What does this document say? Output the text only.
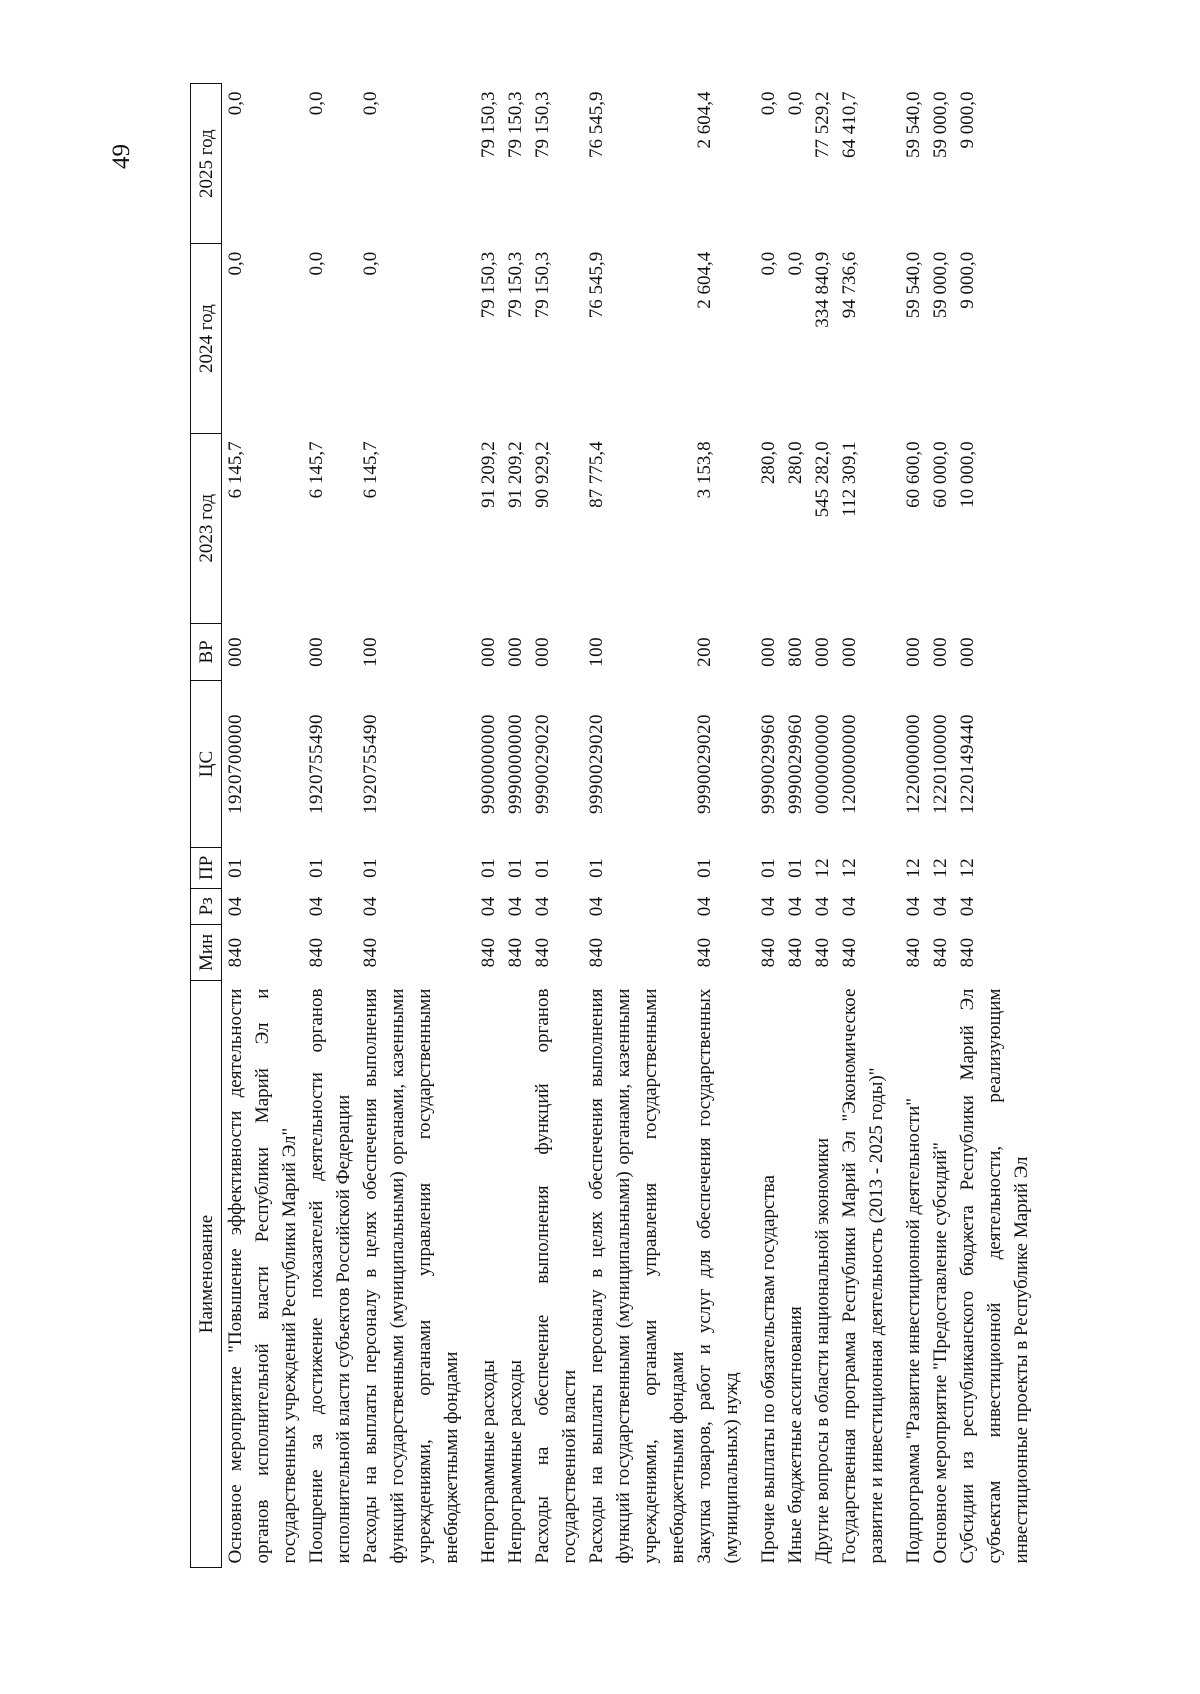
49
Наименование	Мин	Рз	ПР	ЦС	ВР	2023 год	2024 год	2025 год
Основное мероприятие "Повышение эффективности деятельности органов исполнительной власти Республики Марий Эл и государственных учреждений Республики Марий Эл"	840	04	01	1920700000	000	6 145,7	0,0	0,0
Поощрение за достижение показателей деятельности органов исполнительной власти субъектов Российской Федерации	840	04	01	1920755490	000	6 145,7	0,0	0,0
Расходы на выплаты персоналу в целях обеспечения выполнения функций государственными (муниципальными) органами, казенными учреждениями, органами управления государственными внебюджетными фондами	840	04	01	1920755490	100	6 145,7	0,0	0,0

Непрограммные расходы	840	04	01	9900000000	000	91 209,2	79 150,3	79 150,3
Непрограммные расходы	840	04	01	9990000000	000	91 209,2	79 150,3	79 150,3
Расходы на обеспечение выполнения функций органов государственной власти	840	04	01	9990029020	000	90 929,2	79 150,3	79 150,3
Расходы на выплаты персоналу в целях обеспечения выполнения функций государственными (муниципальными) органами, казенными учреждениями, органами управления государственными внебюджетными фондами	840	04	01	9990029020	100	87 775,4	76 545,9	76 545,9
Закупка товаров, работ и услуг для обеспечения государственных (муниципальных) нужд	840	04	01	9990029020	200	3 153,8	2 604,4	2 604,4

Прочие выплаты по обязательствам государства	840	04	01	9990029960	000	280,0	0,0	0,0
Иные бюджетные ассигнования	840	04	01	9990029960	800	280,0	0,0	0,0
Другие вопросы в области национальной экономики	840	04	12	0000000000	000	545 282,0	334 840,9	77 529,2
Государственная программа Республики Марий Эл "Экономическое развитие и инвестиционная деятельность (2013 - 2025 годы)"	840	04	12	1200000000	000	112 309,1	94 736,6	64 410,7

Подпрограмма "Развитие инвестиционной деятельности"	840	04	12	1220000000	000	60 600,0	59 540,0	59 540,0
Основное мероприятие "Предоставление субсидий"	840	04	12	1220100000	000	60 000,0	59 000,0	59 000,0
Субсидии из республиканского бюджета Республики Марий Эл субъектам инвестиционной деятельности, реализующим инвестиционные проекты в Республике Марий Эл	840	04	12	1220149440	000	10 000,0	9 000,0	9 000,0
